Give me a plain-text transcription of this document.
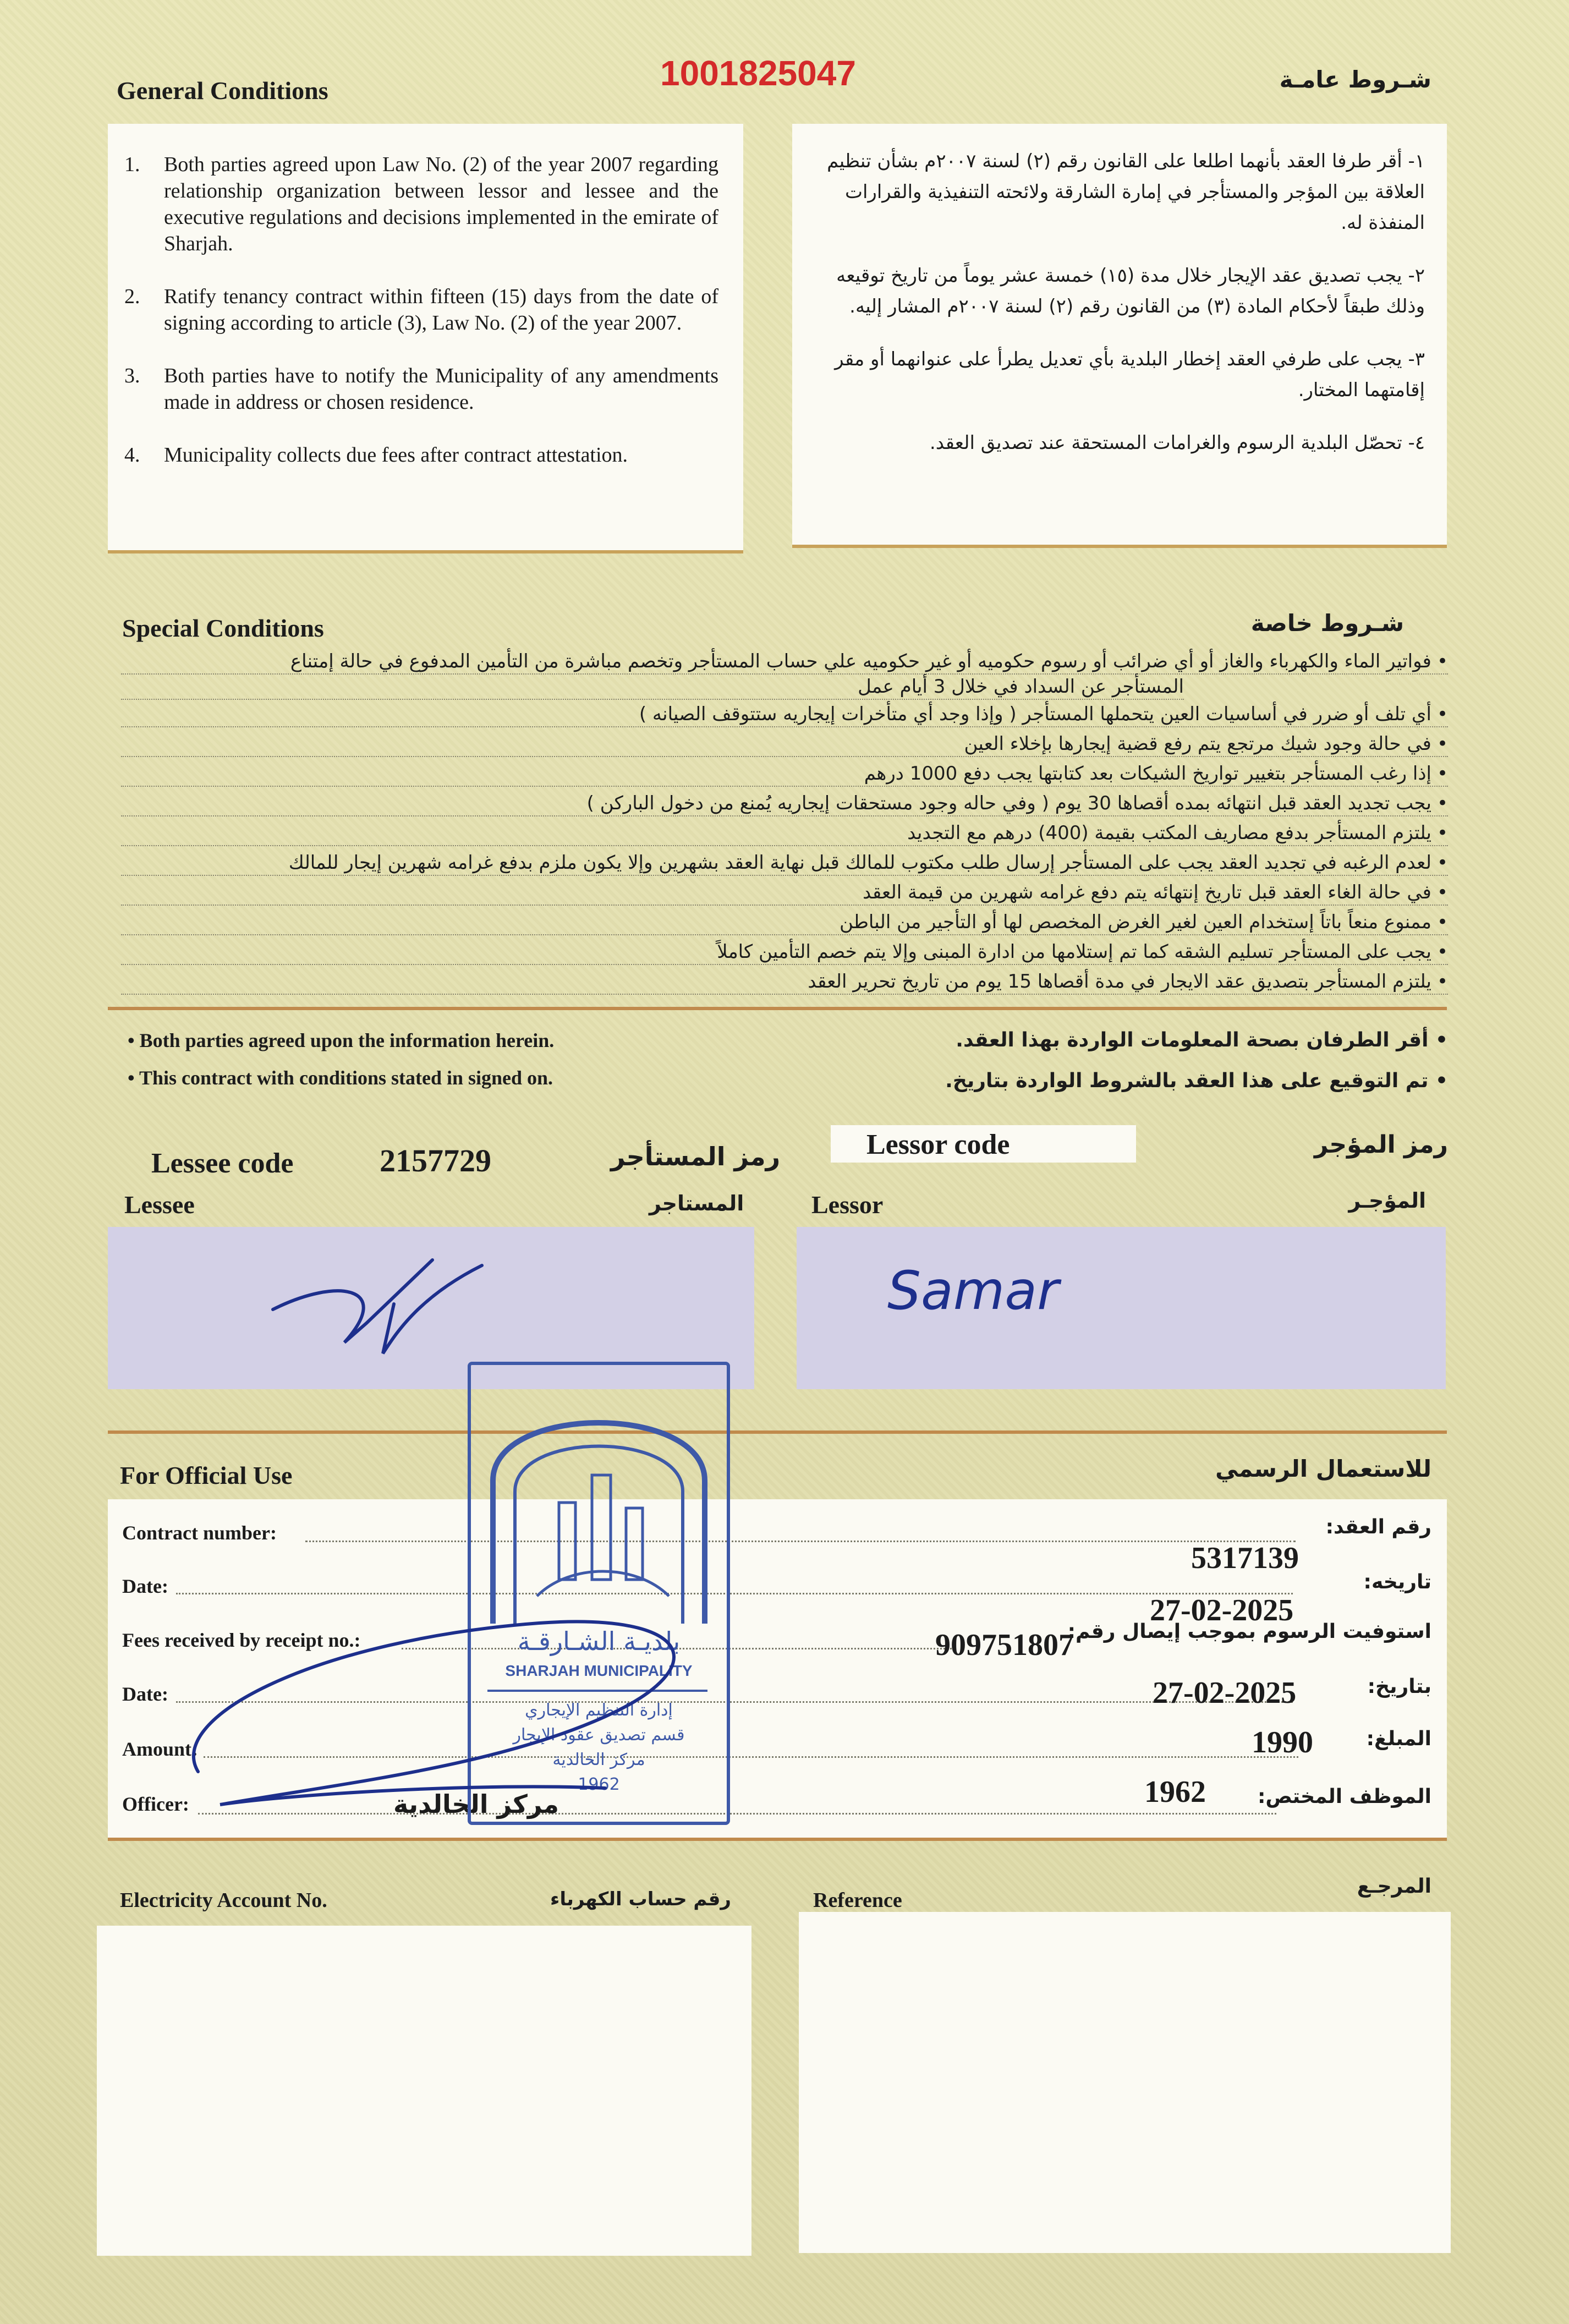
1001825047
General Conditions	شـروط عامـة
1.	Both parties agreed upon Law No. (2) of the year 2007 regarding relationship organization between lessor and lessee and the executive regulations and decisions implemented in the emirate of Sharjah.
2.	Ratify tenancy contract within fifteen (15) days from the date of signing according to article (3), Law No. (2) of the year 2007.
3.	Both parties have to notify the Municipality of any amendments made in address or chosen residence.
4.	Municipality collects due fees after contract attestation.
١- أقر طرفا العقد بأنهما اطلعا على القانون رقم (٢) لسنة ٢٠٠٧م بشأن تنظيم العلاقة بين المؤجر والمستأجر في إمارة الشارقة ولائحته التنفيذية والقرارات المنفذة له.
٢- يجب تصديق عقد الإيجار خلال مدة (١٥) خمسة عشر يوماً من تاريخ توقيعه وذلك طبقاً لأحكام المادة (٣) من القانون رقم (٢) لسنة ٢٠٠٧م المشار إليه.
٣- يجب على طرفي العقد إخطار البلدية بأي تعديل يطرأ على عنوانهما أو مقر إقامتهما المختار.
٤- تحصّل البلدية الرسوم والغرامات المستحقة عند تصديق العقد.
Special Conditions	شـروط خاصة
• فواتير الماء والكهرباء والغاز أو أي ضرائب أو رسوم حكوميه أو غير حكوميه علي حساب المستأجر وتخصم مباشرة من التأمين المدفوع في حالة إمتناع
المستأجر عن السداد في خلال 3 أيام عمل
• أي تلف أو ضرر في أساسيات العين يتحملها المستأجر ( وإذا وجد أي متأخرات إيجاريه ستتوقف الصيانه )
• في حالة وجود شيك مرتجع يتم رفع قضية إيجارها بإخلاء العين
• إذا رغب المستأجر بتغيير تواريخ الشيكات بعد كتابتها يجب دفع 1000 درهم
• يجب تجديد العقد قبل انتهائه بمده أقصاها 30 يوم ( وفي حاله وجود مستحقات إيجاريه يُمنع من دخول الباركن )
• يلتزم المستأجر بدفع مصاريف المكتب بقيمة (400) درهم مع التجديد
• لعدم الرغبه في تجديد العقد يجب على المستأجر إرسال طلب مكتوب للمالك قبل نهاية العقد بشهرين وإلا يكون ملزم بدفع غرامه شهرين إيجار للمالك
• في حالة الغاء العقد قبل تاريخ إنتهائه يتم دفع غرامه شهرين من قيمة العقد
• ممنوع منعاً باتاً إستخدام العين لغير الغرض المخصص لها أو التأجير من الباطن
• يجب على المستأجر تسليم الشقه كما تم إستلامها من ادارة المبنى وإلا يتم خصم التأمين كاملاً
• يلتزم المستأجر بتصديق عقد الايجار في مدة أقصاها 15 يوم من تاريخ تحرير العقد
• Both parties agreed upon the information herein.
• This contract with conditions stated in signed on.
• أقر الطرفان بصحة المعلومات الواردة بهذا العقد.
• تم التوقيع على هذا العقد بالشروط الواردة بتاريخ.
Lessee code	2157729	رمز المستأجر	Lessor code	رمز المؤجر
Lessee	المستاجر	Lessor	المؤجـر
Samar
For Official Use	للاستعمال الرسمي
Contract number:	رقم العقد:
5317139
Date:	تاريخه:
27-02-2025
Fees received by receipt no.:	استوفيت الرسوم بموجب إيصال رقم:
909751807
Date:	بتاريخ:
27-02-2025
Amount:	المبلغ:
1990
Officer:	الموظف المختص:
1962
مركز الخالدية
بلديـة الشـارقـة
SHARJAH MUNICIPALITY
إدارة التنظيم الإيجاري
قسم تصديق عقود الإيجار
مركز الخالدية
1962
Electricity Account No.	رقم حساب الكهرباء	Reference
المرجـع
